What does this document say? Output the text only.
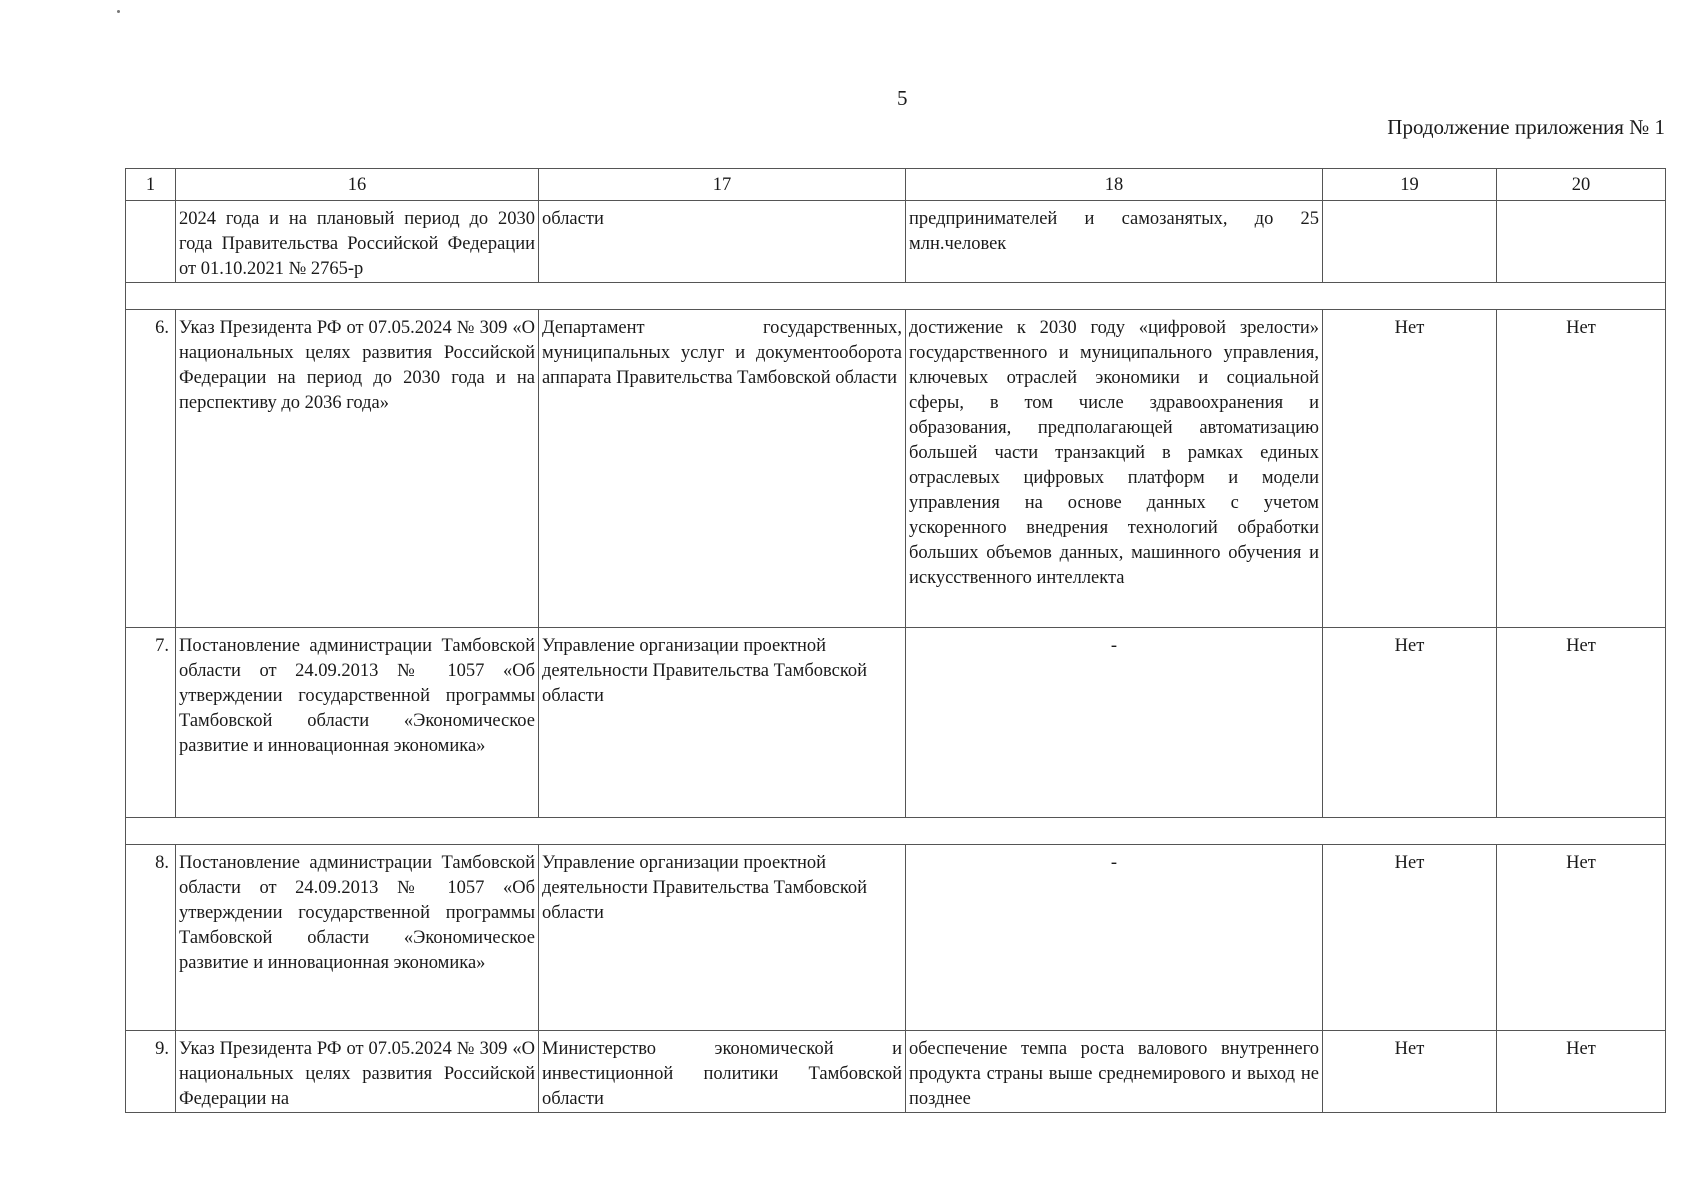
5
Продолжение приложения № 1
1	16	17	18	19	20
	2024 года и на плановый период до 2030 года Правительства Российской Федерации от 01.10.2021 № 2765-р	области	предпринимателей и самозанятых, до 25 млн.человек		

6.	Указ Президента РФ от 07.05.2024 № 309 «О национальных целях развития Российской Федерации на период до 2030 года и на перспективу до 2036 года»	Департамент государственных, муниципальных услуг и документооборота аппарата Правительства Тамбовской области	достижение к 2030 году «цифровой зрелости» государственного и муниципального управления, ключевых отраслей экономики и социальной сферы, в том числе здравоохранения и образования, предполагающей автоматизацию большей части транзакций в рамках единых отраслевых цифровых платформ и модели управления на основе данных с учетом ускоренного внедрения технологий обработки больших объемов данных, машинного обучения и искусственного интеллекта	Нет	Нет
7.	Постановление администрации Тамбовской области от 24.09.2013 № 1057 «Об утверждении государственной программы Тамбовской области «Экономическое развитие и инновационная экономика»	Управление организации проектной деятельности Правительства Тамбовской области	-	Нет	Нет

8.	Постановление администрации Тамбовской области от 24.09.2013 № 1057 «Об утверждении государственной программы Тамбовской области «Экономическое развитие и инновационная экономика»	Управление организации проектной деятельности Правительства Тамбовской области	-	Нет	Нет
9.	Указ Президента РФ от 07.05.2024 № 309 «О национальных целях развития Российской Федерации на	Министерство экономической и инвестиционной политики Тамбовской области	обеспечение темпа роста валового внутреннего продукта страны выше среднемирового и выход не позднее	Нет	Нет
